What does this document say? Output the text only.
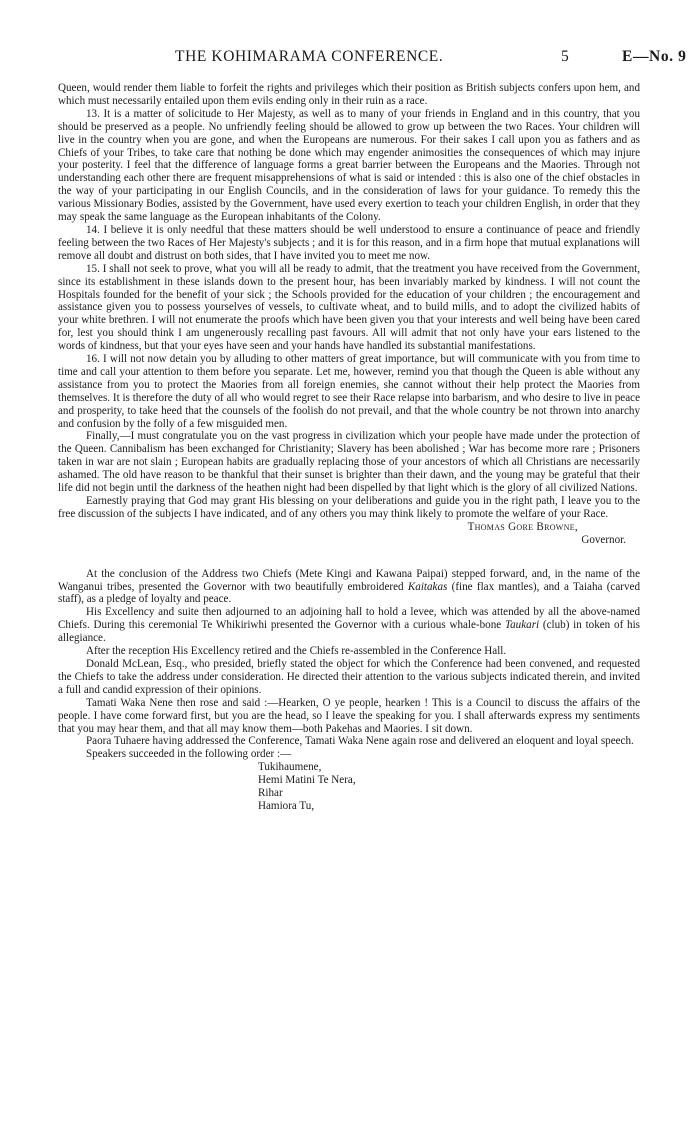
THE KOHIMARAMA CONFERENCE.	5	E—No. 9

Queen, would render them liable to forfeit the rights and privileges which their position as British subjects confers upon hem, and which must necessarily entailed upon them evils ending only in their ruin as a race.

13. It is a matter of solicitude to Her Majesty, as well as to many of your friends in England and in this country, that you should be preserved as a people. No unfriendly feeling should be allowed to grow up between the two Races. Your children will live in the country when you are gone, and when the Europeans are numerous. For their sakes I call upon you as fathers and as Chiefs of your Tribes, to take care that nothing be done which may engender animosities the consequences of which may injure your posterity. I feel that the difference of language forms a great barrier between the Europeans and the Maories. Through not understanding each other there are frequent misapprehensions of what is said or intended : this is also one of the chief obstacles in the way of your participating in our English Councils, and in the consideration of laws for your guidance. To remedy this the various Missionary Bodies, assisted by the Government, have used every exertion to teach your children English, in order that they may speak the same language as the European inhabitants of the Colony.

14. I believe it is only needful that these matters should be well understood to ensure a continuance of peace and friendly feeling between the two Races of Her Majesty's subjects ; and it is for this reason, and in a firm hope that mutual explanations will remove all doubt and distrust on both sides, that I have invited you to meet me now.

15. I shall not seek to prove, what you will all be ready to admit, that the treatment you have received from the Government, since its establishment in these islands down to the present hour, has been invariably marked by kindness. I will not count the Hospitals founded for the benefit of your sick ; the Schools provided for the education of your children ; the encouragement and assistance given you to possess yourselves of vessels, to cultivate wheat, and to build mills, and to adopt the civilized habits of your white brethren. I will not enumerate the proofs which have been given you that your interests and well being have been cared for, lest you should think I am ungenerously recalling past favours. All will admit that not only have your ears listened to the words of kindness, but that your eyes have seen and your hands have handled its substantial manifestations.

16. I will not now detain you by alluding to other matters of great importance, but will communicate with you from time to time and call your attention to them before you separate. Let me, however, remind you that though the Queen is able without any assistance from you to protect the Maories from all foreign enemies, she cannot without their help protect the Maories from themselves. It is therefore the duty of all who would regret to see their Race relapse into barbarism, and who desire to live in peace and prosperity, to take heed that the counsels of the foolish do not prevail, and that the whole country be not thrown into anarchy and confusion by the folly of a few misguided men.

Finally,—I must congratulate you on the vast progress in civilization which your people have made under the protection of the Queen. Cannibalism has been exchanged for Christianity; Slavery has been abolished ; War has become more rare ; Prisoners taken in war are not slain ; European habits are gradually replacing those of your ancestors of which all Christians are necessarily ashamed. The old have reason to be thankful that their sunset is brighter than their dawn, and the young may be grateful that their life did not begin until the darkness of the heathen night had been dispelled by that light which is the glory of all civilized Nations.

Earnestly praying that God may grant His blessing on your deliberations and guide you in the right path, I leave you to the free discussion of the subjects I have indicated, and of any others you may think likely to promote the welfare of your Race.

Thomas Gore Browne,

Governor.

At the conclusion of the Address two Chiefs (Mete Kingi and Kawana Paipai) stepped forward, and, in the name of the Wanganui tribes, presented the Governor with two beautifully embroidered Kaitakas (fine flax mantles), and a Taiaha (carved staff), as a pledge of loyalty and peace.

His Excellency and suite then adjourned to an adjoining hall to hold a levee, which was attended by all the above-named Chiefs. During this ceremonial Te Whikiriwhi presented the Governor with a curious whale-bone Taukari (club) in token of his allegiance.

After the reception His Excellency retired and the Chiefs re-assembled in the Conference Hall.

Donald McLean, Esq., who presided, briefly stated the object for which the Conference had been convened, and requested the Chiefs to take the address under consideration. He directed their attention to the various subjects indicated therein, and invited a full and candid expression of their opinions.

Tamati Waka Nene then rose and said :—Hearken, O ye people, hearken ! This is a Council to discuss the affairs of the people. I have come forward first, but you are the head, so I leave the speaking for you. I shall afterwards express my sentiments that you may hear them, and that all may know them—both Pakehas and Maories. I sit down.

Paora Tuhaere having addressed the Conference, Tamati Waka Nene again rose and delivered an eloquent and loyal speech.

Speakers succeeded in the following order :—

Tukihaumene,
Hemi Matini Te Nera,
Rihar
Hamiora Tu,
